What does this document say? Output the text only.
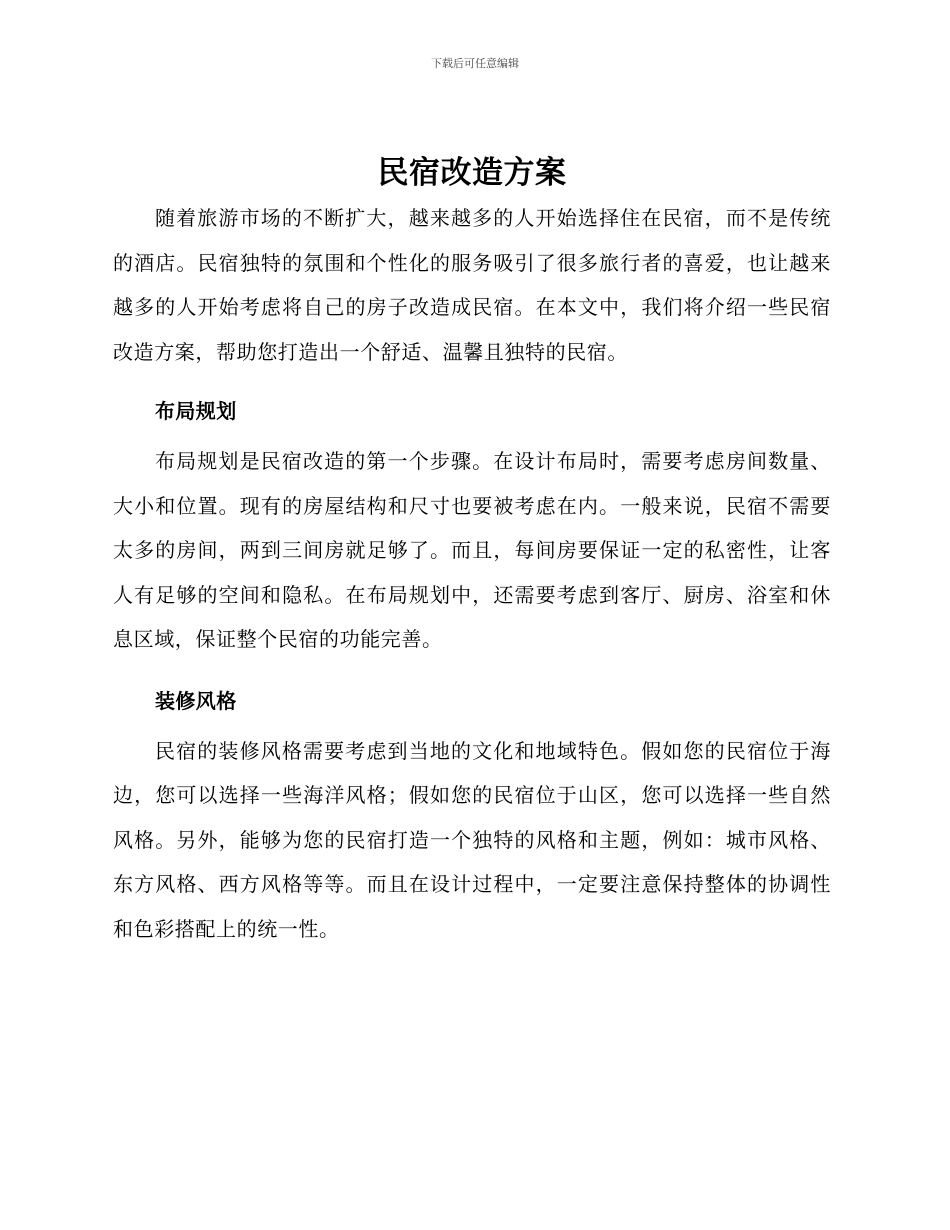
下载后可任意编辑
民宿改造方案

随着旅游市场的不断扩大，越来越多的人开始选择住在民宿，而不是传统的酒店。民宿独特的氛围和个性化的服务吸引了很多旅行者的喜爱，也让越来越多的人开始考虑将自己的房子改造成民宿。在本文中，我们将介绍一些民宿改造方案，帮助您打造出一个舒适、温馨且独特的民宿。

布局规划

布局规划是民宿改造的第一个步骤。在设计布局时，需要考虑房间数量、大小和位置。现有的房屋结构和尺寸也要被考虑在内。一般来说，民宿不需要太多的房间，两到三间房就足够了。而且，每间房要保证一定的私密性，让客人有足够的空间和隐私。在布局规划中，还需要考虑到客厅、厨房、浴室和休息区域，保证整个民宿的功能完善。

装修风格

民宿的装修风格需要考虑到当地的文化和地域特色。假如您的民宿位于海边，您可以选择一些海洋风格；假如您的民宿位于山区，您可以选择一些自然风格。另外，能够为您的民宿打造一个独特的风格和主题，例如：城市风格、东方风格、西方风格等等。而且在设计过程中，一定要注意保持整体的协调性和色彩搭配上的统一性。
